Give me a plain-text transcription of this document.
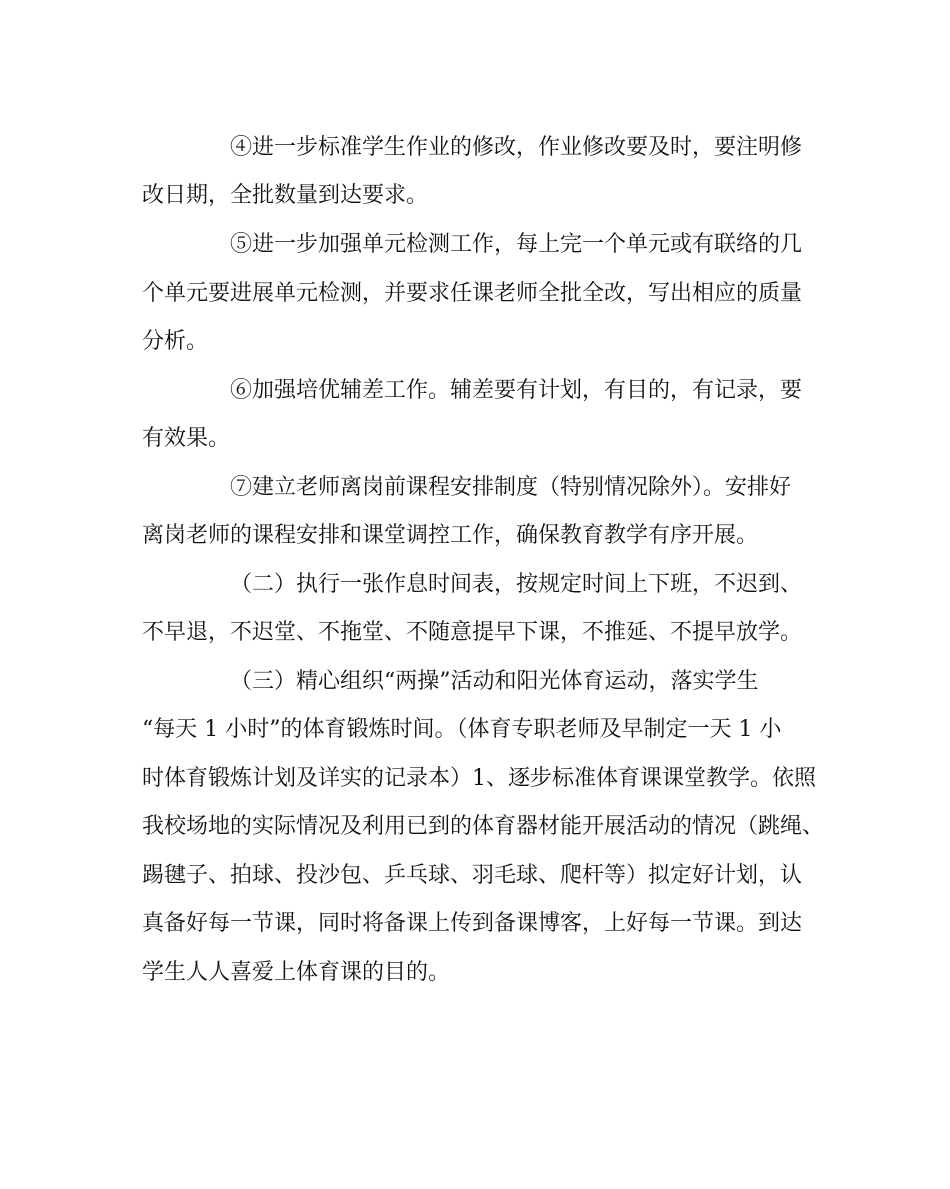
④进一步标准学生作业的修改，作业修改要及时，要注明修

改日期，全批数量到达要求。

⑤进一步加强单元检测工作，每上完一个单元或有联络的几

个单元要进展单元检测，并要求任课老师全批全改，写出相应的质量

分析。

⑥加强培优辅差工作。辅差要有计划，有目的，有记录，要

有效果。

⑦建立老师离岗前课程安排制度（特别情况除外）。安排好

离岗老师的课程安排和课堂调控工作，确保教育教学有序开展。

（二）执行一张作息时间表，按规定时间上下班，不迟到、

不早退，不迟堂、不拖堂、不随意提早下课，不推延、不提早放学。

（三）精心组织“两操”活动和阳光体育运动，落实学生

“每天 1 小时”的体育锻炼时间。（体育专职老师及早制定一天 1 小

时体育锻炼计划及详实的记录本）1、逐步标准体育课课堂教学。依照

我校场地的实际情况及利用已到的体育器材能开展活动的情况（跳绳、

踢毽子、拍球、投沙包、乒乓球、羽毛球、爬杆等）拟定好计划，认

真备好每一节课，同时将备课上传到备课博客，上好每一节课。到达

学生人人喜爱上体育课的目的。
